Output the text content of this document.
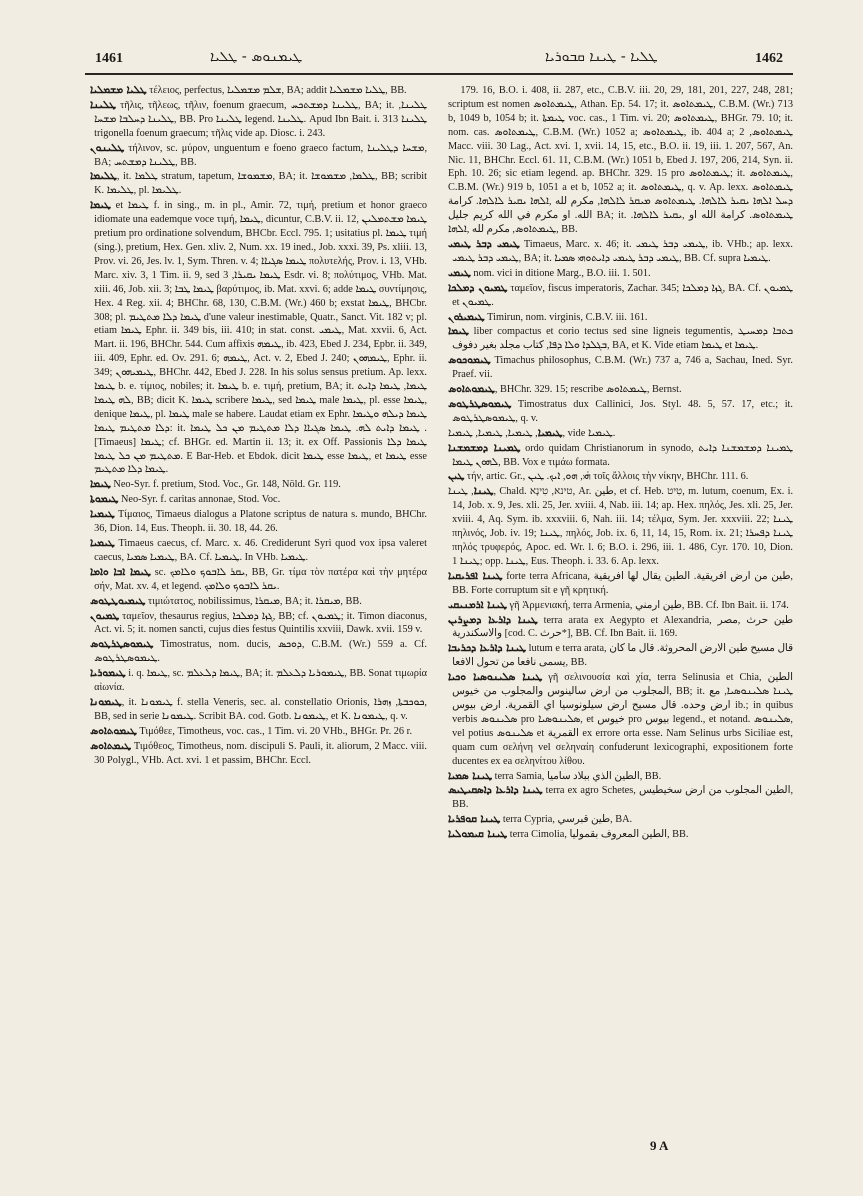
1461	ܛܝܡܢܘܣ - ܛܠܝܐ	ܛܠܝܐ - ܛܝܢܐ ܩܒܘܪܝܐ	1462

ܛܠܝܐ ܡܫܡܠܝܐ τέλειος, perfectus, ܫܠܡ ܡܫܡܠܝܐ, BA; addit ܛܠܝܐ ܡܫܡܠܝܐ, BB.

ܛܠܝܢܐ τῆλις, τῆλεως, τῆλιν, foenum graecum, ܛܠܝܢܐ ܕܡܫܬܟܚ, BA; it. ܛܠܝܢܐ, ܛܠܝܢܐ ܕܚܠܒܐ ܡܫܚܐ, BB. Pro ܛܠܝܢܐ legend. ܛܠܝܢܐ. Apud Ibn Bait. i. 313 ܛܠܝܢܐ trigonella foenum graecum; τῆλις vide ap. Diosc. i. 243.

ܛܠܝܢܘܢ τήλινον, sc. μύρον, unguentum e foeno graeco factum, ܡܫܚܐ ܕܛܠܝܢܐ, BA; ܛܠܝܢܐ ܕܡܫܬܚ, BB.

ܛܠܝܡܐ, it. ܛܠܡܐ stratum, tapetum, ܡܫܡܘܫܐ, BA; it. ܛܠܡܐ, ܡܫܡܘܫܐ, BB; scribit K. ܛܠܝܡܐ, pl. ܛܠܝܡܐ.

ܛܝܡܐ et ܛܝܡܐ f. in sing., m. in pl., Amir. 72, τιμή, pretium et honor graeco idiomate una eademque voce τιμή, ܛܝܡܐ, dicuntur, C.B.V. ii. 12, ܛܝܡܐ ܡܫܬܡܠܝܢ pretium pro ordinatione solvendum, BHCbr. Eccl. 795. 1; usitatius pl. ܛܝܡܐ τιμή (sing.), pretium, Hex. Gen. xliv. 2, Num. xx. 19 ined., Job. xxxi. 39, Ps. xliii. 13, Prov. vi. 26, Jes. lv. 1, Sym. Thren. v. 4; ܛܝܡܐ ܣܓܝܐܐ πολυτελής, Prov. i. 13, VHb. Marc. xiv. 3, 1 Tim. ii. 9, sed ܛܝܡܐ ܝܩܝܪܐ, 3 Esdr. vi. 8; πολύτιμος, VHb. Mat. xiii. 46, Job. xii. 3; ܛܝܡܐ ܛܒܐ βαρύτιμος, ib. Mat. xxvi. 6; adde ܛܝܡܐ συντίμησις, Hex. 4 Reg. xii. 4; BHChr. 68, 130, C.B.M. (Wr.) 460 b; exstat ܛܝܡܐ, BHCbr. 308; pl. ܛܝܡܐ ܕܠܐ ܡܬܛܝܡ d'une valeur inestimable, Quatr., Sanct. Vit. 182 v; pl. etiam ܛܝܡܐ Ephr. ii. 349 bis, iii. 410; in stat. const. ܛܝܡܝ, Mat. xxvii. 6, Act. Mart. ii. 196, BHChr. 544. Cum affixis ܛܝܡܗ, ib. 423, Ebed J. 234, Epbr. ii. 349, iii. 409, Ephr. ed. Ov. 291. 6; ܛܝܡܗ, Act. v. 2, Ebed J. 240; ܛܝܡܗܘܢ, Ephr. ii. 349; ܛܝܡܝܗܘܢ, BHChr. 442, Ebed J. 228. In his solus sensus pretium. Ap. lexx. ܛܝܡܐ b. e. τίμιος, nobiles; it. ܛܝܡܐ b. e. τιμή, pretium, BA; it. ܛܝܡܐ, ܛܝܡܐ ܕܐܝܬ ܠܗ ܛܝܡܐ, BB; dicit K. ܛܝܡܐ scribere ܛܝܡܐ, sed ܛܝܡܐ male ܛܝܡܐ, pl. esse ܛܝܡܐ, denique ܛܝܡܐ, pl. ܛܝܡܐ male se habere. Laudat etiam ex Ephr. ܛܝܡܐ ܕܝܠܗ ܘܛܝܡܐ ܕܠܐ ܡܬܛܝܡ ܛܝܡܐ: it. ܛܝܡܐ ܕܐܝܬ ܠܗ. ܛܝܡܐ ܣܓܝܐܐ ܕܠܐ ܡܬܛܝܡ ܡܢ ܟܠ ܛܝܡܐ .[Timaeus] ܛܝܡܐ; cf. BHGr. ed. Martin ii. 13; it. ex Off. Passionis ܛܝܡܐ ܕܠܐ ܡܬܛܝܡ ܡܢ ܟܠ ܛܝܡܐ. E Bar-Heb. et Ebdok. dicit ܛܝܡܐ esse ܛܝܡܐ, et ܛܝܡܐ esse ܛܝܡܐ ܕܠܐ ܡܬܛܝܡ.

ܛܝܡܐ Neo-Syr. f. pretium, Stod. Voc., Gr. 148, Nöld. Gr. 119.

ܛܝܡܘܬܐ Neo-Syr. f. caritas annonae, Stod. Voc.

ܛܝܡܝܐ Τίμαιος, Timaeus dialogus a Platone scriptus de natura s. mundo, BHChr. 36, Dion. 14, Eus. Theoph. ii. 30. 18, 44. 26.

ܛܝܡܝܐ Timaeus caecus, cf. Marc. x. 46. Crediderunt Syri quod vox ipsa valeret caecus, ܛܝܡܝܐ ܣܡܝܐ, BA. Cf. ܛܝܡܝܐ. In VHb. ܛܝܡܝܐ.

ܛܝܡܐ ܐܒܐ ܘܐܡܐ sc. ܝܩܪ ܠܐܒܘܟ ܘܠܐܡܟ, BB, Gr. τίμα τὸν πατέρα καὶ τὴν μητέρα σήν, Mat. xv. 4, et legend. ܝܩܪ ܠܐܒܘܟ ܘܠܐܡܟ.

ܛܝܡܝܘܛܛܘܣ τιμιώτατος, nobilissimus, ܡܝܩܪܐ, BA; it. ܡܝܩܪܐ, BB.

ܛܡܝܘܢ ταμεῖον, thesaurus regius, ܓܙܐ ܕܡܠܟܐ, BB; cf. ܛܡܝܘܢ; it. Timon diaconus, Act. vi. 5; it. nomen sancti, cujus dies festus Quintilis xxviii, Dawk. xvii. 159 v.

ܛܝܡܘܣܛܪܛܘܣ Timostratus, nom. ducis, ܕܘܟܣ, C.B.M. (Wr.) 559 a. Cf. ܛܝܡܘܣܛܪܛܘܣ.

ܛܝܡܘܪܝܐ i. q. ܛܝܡܐ, sc. ܛܝܡܐ ܕܠܥܠܡ, BA; it. ܛܝܡܘܪܝܐ ܕܠܥܠܡ, BB. Sonat τιμωρία αἰωνία.

ܛܝܡܘܢܐ, it. ܛܝܡܘܢܐ f. stella Veneris, sec. al. constellatio Orionis, ܟܘܟܒܬܐ, ܙܗܪܐ, BB, sed in serie ܛܝܡܘܢܐ. Scribit BA. cod. Gotb. ܛܝܡܘܢܐ, et K. ܛܝܡܘܢܐ, q. v.

ܛܝܡܘܬܐܘܣ Τιμόθεε, Timotheus, voc. cas., 1 Tim. vi. 20 VHb., BHGr. Pr. 26 r.

ܛܝܡܬܐܘܣ Τιμόθεος, Timotheus, nom. discipuli S. Pauli, it. aliorum, 2 Macc. viii. 30 Polygl., VHb. Act. xvi. 1 et passim, BHChr. Eccl.

179. 16, B.O. i. 408, ii. 287, etc., C.B.V. iii. 20, 29, 181, 201, 227, 248, 281; scriptum est nomen ܛܝܡܬܐܘܣ, Athan. Ep. 54. 17; it. ܛܝܡܬܐܘܣ, C.B.M. (Wr.) 713 b, 1049 b, 1054 b; it. ܛܝܡܬܐ voc. cas., 1 Tim. vi. 20; ܛܝܡܬܐܘܣ, BHGr. 79. 10; it. nom. cas. ܛܝܡܬܐܘܣ, C.B.M. (Wr.) 1052 a; ܛܝܡܬܐܘܣ, ib. 404 a; ܛܝܡܬܐܘܣ, 2 Macc. viii. 30 Lag., Act. xvi. 1, xvii. 14, 15, etc., B.O. ii. 19, iii. 1. 207, 567, An. Nic. 11, BHChr. Eccl. 61. 11, C.B.M. (Wr.) 1051 b, Ebed J. 197, 206, 214, Syn. ii. Eph. 10. 26; sic etiam legend. ap. BHChr. 329. 15 pro ܛܝܡܬܐܘܣ; it. ܛܝܡܬܐܘܣ, C.B.M. (Wr.) 919 b, 1051 a et b, 1052 a; it. ܛܝܡܬܐܘܣ, q. v. Ap. lexx. ܛܝܡܬܐܘܣ ܕܚܠ ܐܠܗܐ ܝܩܝܪ ܠܐܠܗܐ. ܛܝܡܬܐܘܣ ܡܝܩܪ ܠܐܠܗܐ, مكرم لله ,ܐܠܗܐ ܝܩܝܪ ܠܐܠܗܐ. كرامة الله. او مكرم في الله كريم جليل BA; it. ܛܝܡܬܐܘܣ. كرامة الله او ,ܝܩܝܪ ܠܐܠܗܐ. ܛܝܡܬܐܘܣ, مكرم لله ,ܐܠܗܐ, BB.

ܛܝܡܝ ܕܒܪ ܛܝܡܝ Timaeus, Marc. x. 46; it. ܛܝܡܝ ܕܒܪ ܛܝܡܝ, ib. VHb.; ap. lexx. ܛܝܡܝ ܕܒܪ ܛܝܡܝ, BA; it. ܛܝܡܝ ܕܒܪ ܛܝܡܝ ܕܐܝܬܘܗܝ ܣܡܝܐ, BB. Cf. supra ܛܝܡܝܐ.

ܛܝܡܝ nom. vici in ditione Marg., B.O. iii. 1. 501.

ܛܡܝܘܢ ܕܡܠܟܐ ταμεῖον, fiscus imperatoris, Zachar. 345; ܓܙܐ ܕܡܠܟܐ, BA. Cf. ܛܡܝܘܢ et ܛܡܝܘܢ.

ܛܝܡܝܪܘܢ Timirun, nom. virginis, C.B.V. iii. 161.

ܛܝܡܐ liber compactus et corio tectus sed sine ligneis tegumentis, ܟܬܒܐ ܕܡܚܝܛ ܒܓܠܕܐ ܘܠܐ ܕܦܐ, كتاب مجلد بغير دفوف, BA, et K. Vide etiam ܛܝܡܐ et ܛܝܡܐ.

ܛܝܡܘܟܘܣ Timachus philosophus, C.B.M. (Wr.) 737 a, 746 a, Sachau, Ined. Syr. Praef. vii.

ܛܝܡܘܬܐܘܣ, BHChr. 329. 15; rescribe ܛܝܡܬܐܘܣ, Bernst.

ܛܝܡܘܣܛܪܛܘܣ Timostratus dux Callinici, Jos. Styl. 48. 5, 57. 17, etc.; it. ܛܝܡܘܣܛܪܛܘܣ, q. v.

ܛܝܡܝܐ, ܛܝܡܝܐ, ܛܝܡܝܐ, ܛܝܡܝܐ, vide ܛܝܡܝܐ.

ܛܡܝܢܐ ܕܡܫܡܫܢܐ ordo quidam Christianorum in synodo, ܛܡܝܢܐ ܕܡܫܡܫܢܐ ܕܐܝܬ ܠܗܘܢ ܛܝܡܐ, BB. Vox e τιμάω formata.

ܛܝܢ τήν, artic. Gr., ܗ̇ܝ, ܗܘ, ܐܝܟ. ܛܝܢ τοῖς ἄλλοις τὴν νίκην, BHChr. 111. 6.

ܛܝܢܐ, ܛܝܢܐ, Chald. טינא, טִינָא, Ar. طين, et cf. Heb. טִיט, m. lutum, coenum, Ex. i. 14, Job. x. 9, Jes. xli. 25, Jer. xviii. 4, Nab. iii. 14; ap. Hex. πηλός, Jes. xli. 25, Jer. xviii. 4, Aq. Sym. ib. xxxviii. 6, Nah. iii. 14; τέλμα, Sym. Jer. xxxviii. 22; ܛܝܢܐ πηλινός, Job. iv. 19; ܛܝܢܐ, πηλός, Job. ix. 6, 11, 14, 15, Rom. ix. 21; ܛܝܢܐ ܕܦܚܪܐ πηλός τρυφερός, Apoc. ed. Wr. l. 6; B.O. i. 296, iii. 1. 486, Cyr. 170. 10, Dion. ܛܝܢܐ 1; opp. ܛܝܢܐ, Eus. Theoph. i. 33. 6. Ap. lexx.

ܛܝܢܐ ܐܦܪܝܩܝܐ forte terra Africana, طين من ارض افريقية. الطين يقال لها افريقية, BB. Forte corruptum sit e γῆ κρητική.

ܛܝܢܐ ܐܪܡܢܝܩܝ γῆ Ἀρμενιακή, terra Armenia, طين ارمني, BB. Cf. Ibn Bait. ii. 174.

ܛܝܢܐ ܕܐܪܥܐ ܕܡܨܪܝܢ terra arata ex Aegypto et Alexandria, طين حرث ,مصر والاسكندرية [cod. C. حرث*], BB. Cf. Ibn Bait. ii. 169.

ܛܝܢܐ ܕܐܪܥܐ ܕܟܪܝܒܐ lutum e terra arata, قال مسيح طين الارض المحروثة. قال ما كان يسمى نافعا من تحول الافعا, BB.

ܛܝܢܐ ܣܠܝܢܘܣܝܐ ܘܟܝܐ γῆ σελινουσία καὶ χία, terra Selinusia et Chia, الطين المجلوب من ارض سالينوس والمجلوب من خيوس, BB; it. ܛܝܢܐ ܣܠܝܢܘܣܝܐ, مع ارض وحده. قال مسيح ارض سيلونوسيا اي القمرية. ارض بيوس ib.; in quibus verbis ܣܠܝܢܘܣ pro ܣܠܝܢܘܣܝܐ, et خيوس pro بيوس legend., et notand. ܣܠܝܢܘܣ, vel potius ܣܠܝܢܘܣ et القمرية ex errore orta esse. Nam Selinus urbs Siciliae est, quam cum σελήνη vel σεληναίη confuderunt lexicographi, expositionem forte ducentes ex ea σεληνίτου λίθου.

ܛܝܢܐ ܣܡܝܐ terra Samia, الطين الذي ببلاد ساميا, BB.

ܛܝܢܐ ܕܐܪܥܐ ܕܐܣܩܝܛܝܣ terra ex agro Schetes, الطين المجلوب من ارض سخيطيس, BB.

ܛܝܢܐ ܩܘܦܪܝܐ terra Cypria, طين قبرسي, BA.

ܛܝܢܐ ܩܝܡܘܠܝܐ terra Cimolia, الطين المعروف بقموليا, BB.

9 A
